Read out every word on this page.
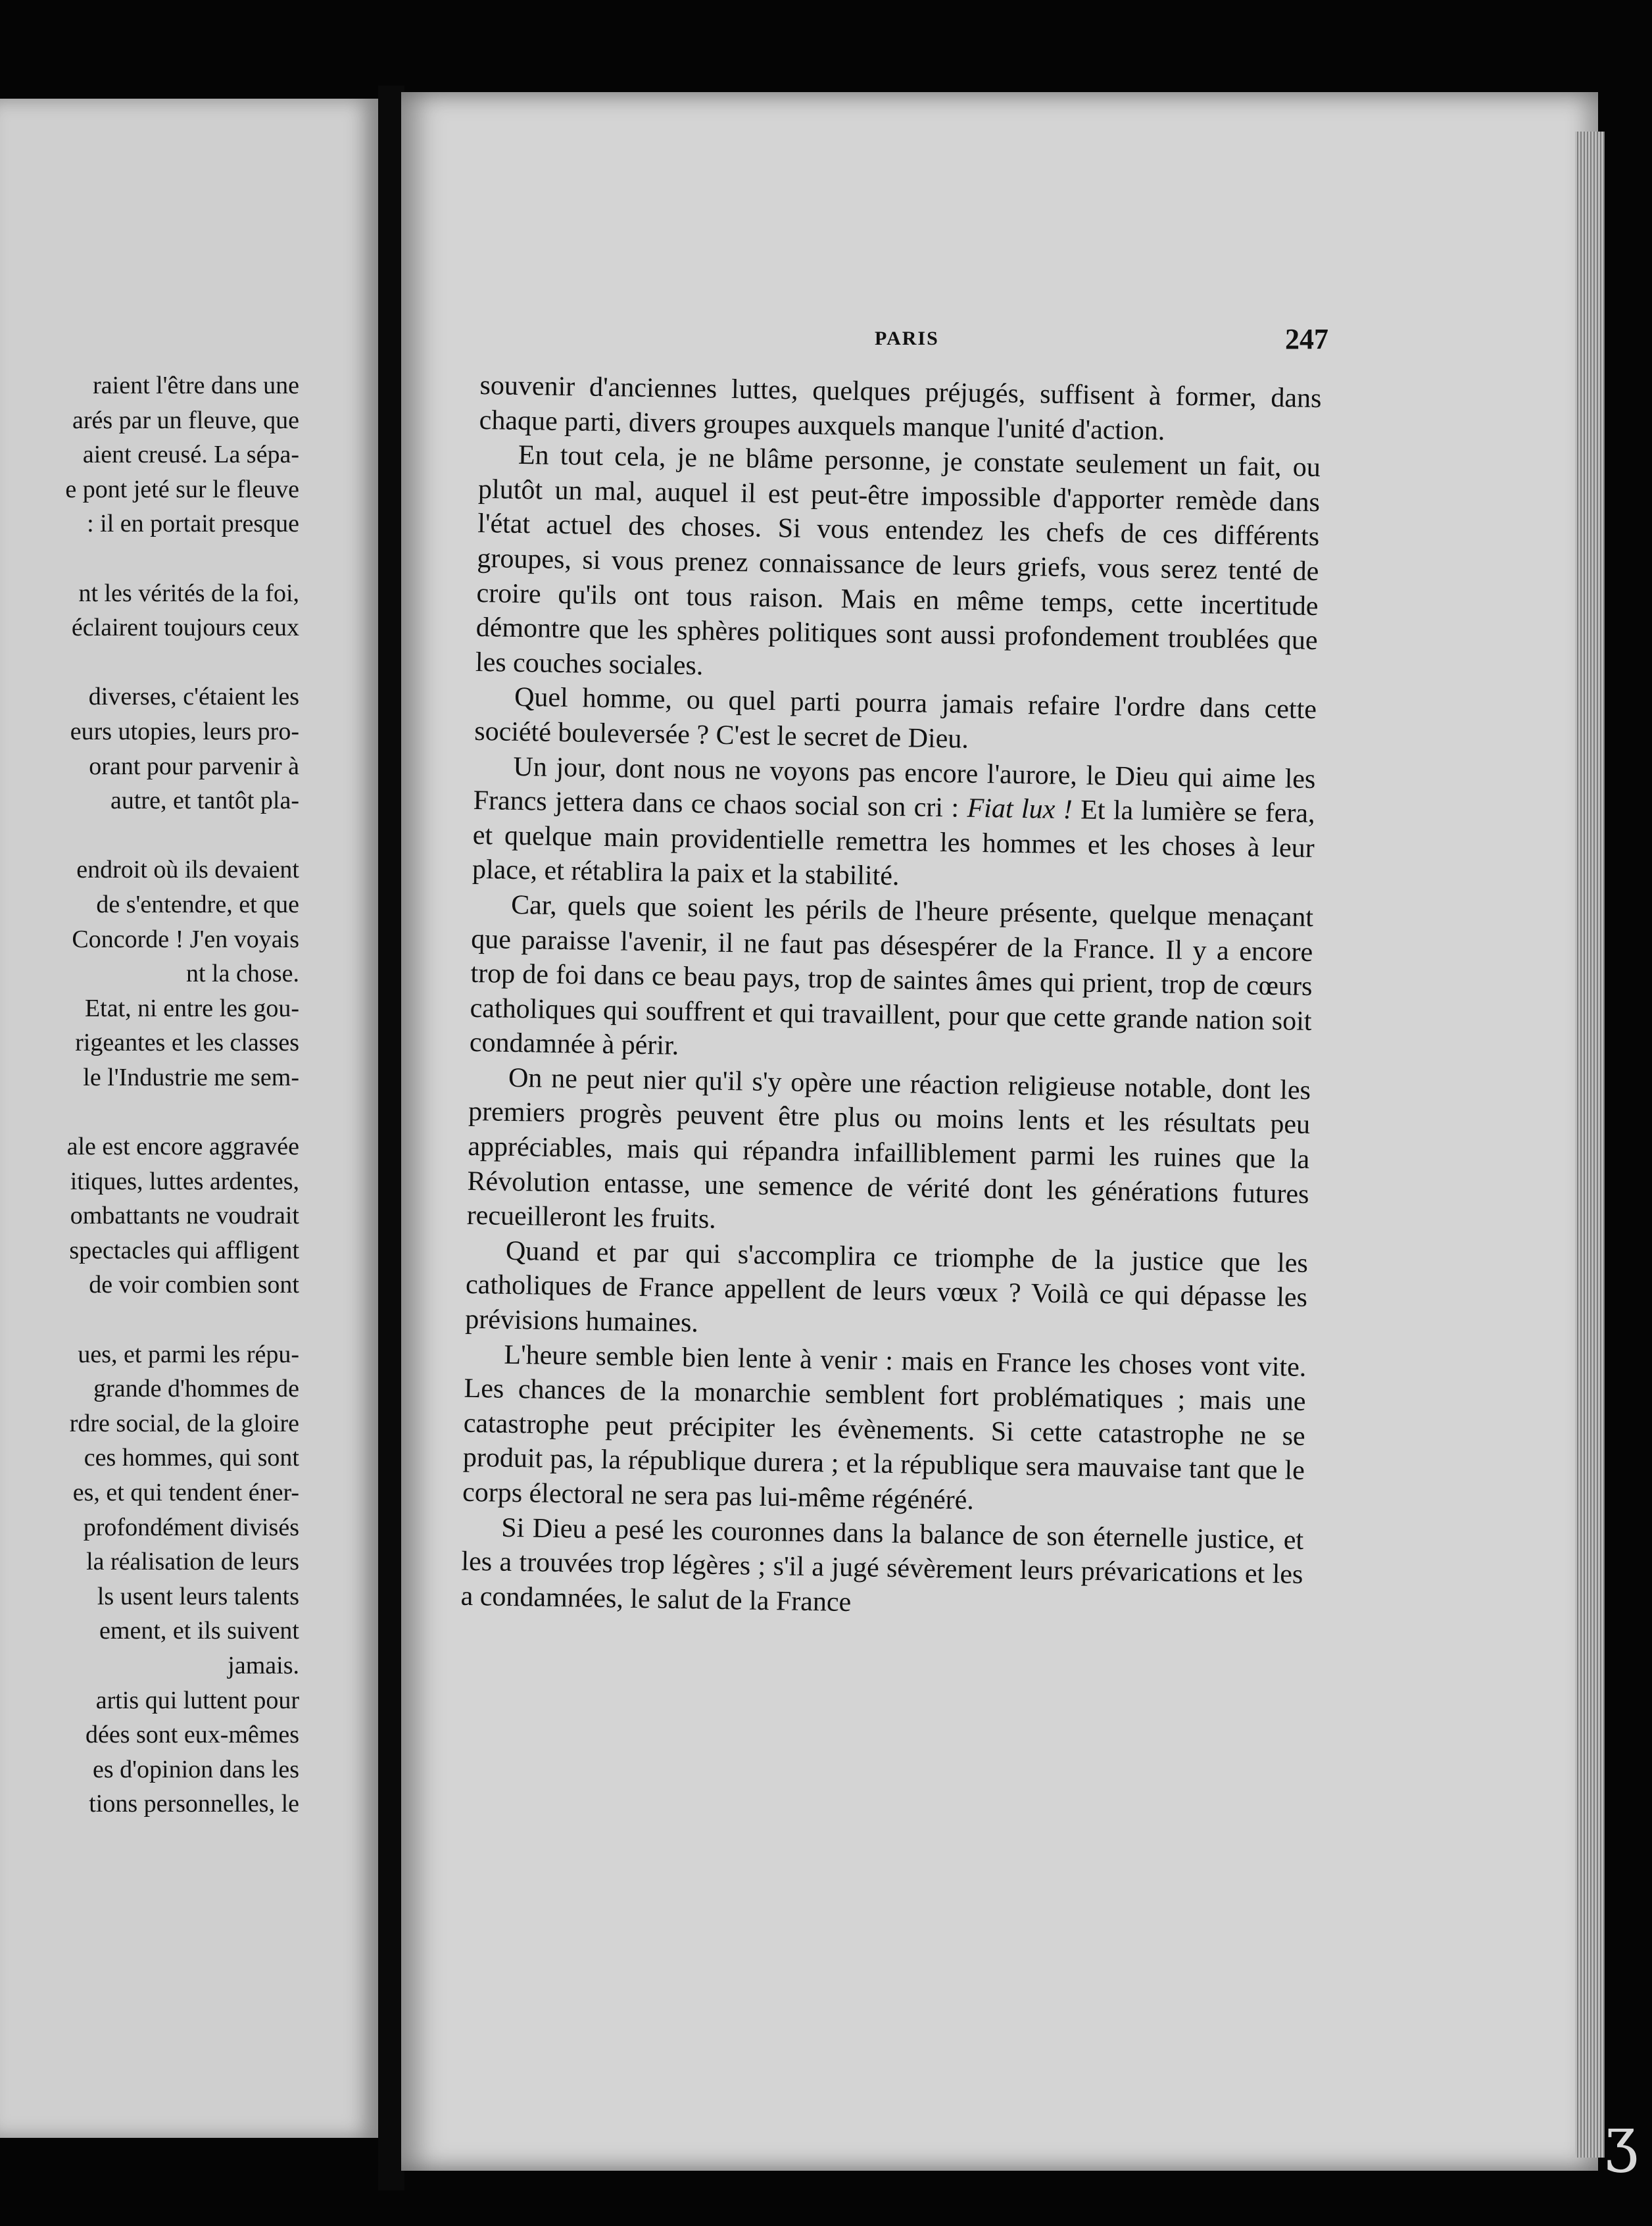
raient l'être dans une
arés par un fleuve, que
aient creusé. La sépa-
e pont jeté sur le fleuve
: il en portait presque
nt les vérités de la foi,
éclairent toujours ceux
diverses, c'étaient les
eurs utopies, leurs pro-
orant pour parvenir à
autre, et tantôt pla-
endroit où ils devaient
de s'entendre, et que
Concorde ! J'en voyais
nt la chose.
Etat, ni entre les gou-
rigeantes et les classes
le l'Industrie me sem-
ale est encore aggravée
itiques, luttes ardentes,
ombattants ne voudrait
spectacles qui affligent
de voir combien sont
ues, et parmi les répu-
grande d'hommes de
rdre social, de la gloire
ces hommes, qui sont
es, et qui tendent éner-
profondément divisés
la réalisation de leurs
ls usent leurs talents
ement, et ils suivent
jamais.
artis qui luttent pour
dées sont eux-mêmes
es d'opinion dans les
tions personnelles, le
PARIS	247

souvenir d'anciennes luttes, quelques préjugés, suffisent à former, dans chaque parti, divers groupes auxquels manque l'unité d'action.

En tout cela, je ne blâme personne, je constate seulement un fait, ou plutôt un mal, auquel il est peut-être impossible d'apporter remède dans l'état actuel des choses. Si vous entendez les chefs de ces différents groupes, si vous prenez connaissance de leurs griefs, vous serez tenté de croire qu'ils ont tous raison. Mais en même temps, cette incertitude démontre que les sphères politiques sont aussi profondement troublées que les couches sociales.

Quel homme, ou quel parti pourra jamais refaire l'ordre dans cette société bouleversée ? C'est le secret de Dieu.

Un jour, dont nous ne voyons pas encore l'aurore, le Dieu qui aime les Francs jettera dans ce chaos social son cri : Fiat lux ! Et la lumière se fera, et quelque main providentielle remettra les hommes et les choses à leur place, et rétablira la paix et la stabilité.

Car, quels que soient les périls de l'heure présente, quelque menaçant que paraisse l'avenir, il ne faut pas désespérer de la France. Il y a encore trop de foi dans ce beau pays, trop de saintes âmes qui prient, trop de cœurs catholiques qui souffrent et qui travaillent, pour que cette grande nation soit condamnée à périr.

On ne peut nier qu'il s'y opère une réaction religieuse notable, dont les premiers progrès peuvent être plus ou moins lents et les résultats peu appréciables, mais qui répandra infailliblement parmi les ruines que la Révolution entasse, une semence de vérité dont les générations futures recueilleront les fruits.

Quand et par qui s'accomplira ce triomphe de la justice que les catholiques de France appellent de leurs vœux ? Voilà ce qui dépasse les prévisions humaines.

L'heure semble bien lente à venir : mais en France les choses vont vite. Les chances de la monarchie semblent fort problématiques ; mais une catastrophe peut précipiter les évènements. Si cette catastrophe ne se produit pas, la république durera ; et la république sera mauvaise tant que le corps électoral ne sera pas lui-même régénéré.

Si Dieu a pesé les couronnes dans la balance de son éternelle justice, et les a trouvées trop légères ; s'il a jugé sévèrement leurs prévarications et les a condamnées, le salut de la France

ʒ
